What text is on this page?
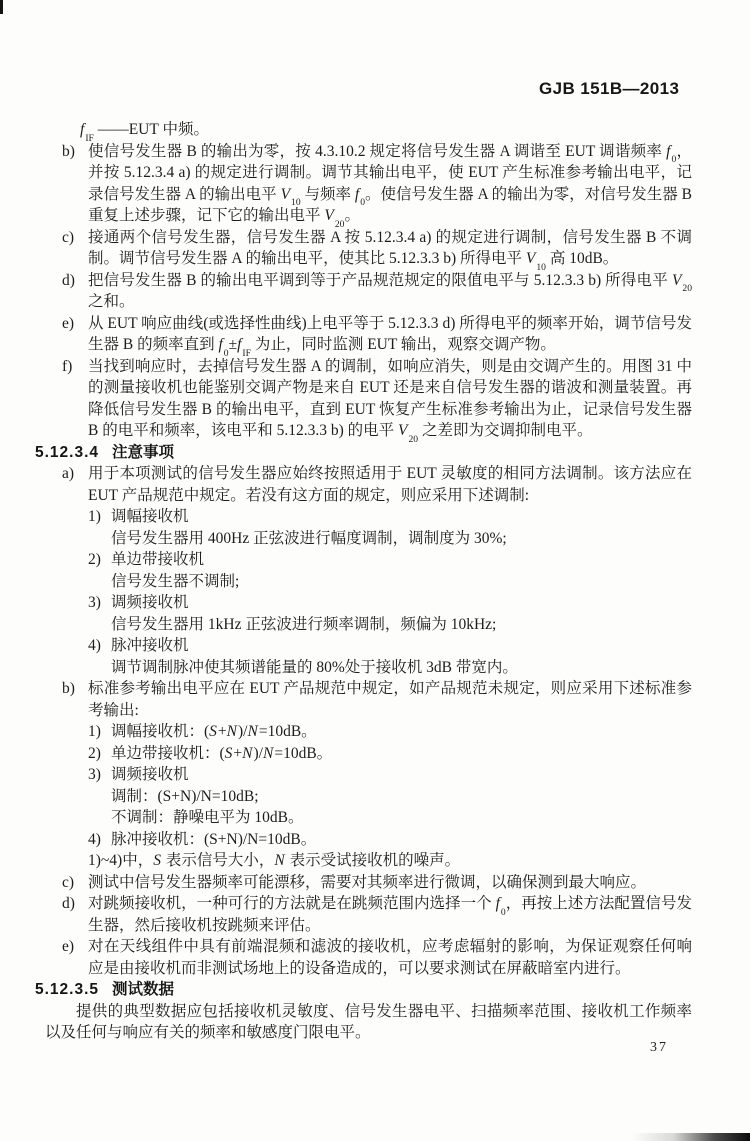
GJB 151B—2013
$f_{IF}$ ——EUT 中频。
b) 使信号发生器 B 的输出为零，按 4.3.10.2 规定将信号发生器 A 调谐至 EUT 调谐频率 $f_0$，并按 5.12.3.4 a) 的规定进行调制。调节其输出电平，使 EUT 产生标准参考输出电平，记录信号发生器 A 的输出电平 $V_{10}$ 与频率 $f_0$。使信号发生器 A 的输出为零，对信号发生器 B 重复上述步骤，记下它的输出电平 $V_{20}$。
c) 接通两个信号发生器，信号发生器 A 按 5.12.3.4 a) 的规定进行调制，信号发生器 B 不调制。调节信号发生器 A 的输出电平，使其比 5.12.3.3 b) 所得电平 $V_{10}$ 高 10dB。
d) 把信号发生器 B 的输出电平调到等于产品规范规定的限值电平与 5.12.3.3 b) 所得电平 $V_{20}$ 之和。
e) 从 EUT 响应曲线(或选择性曲线)上电平等于 5.12.3.3 d) 所得电平的频率开始，调节信号发生器 B 的频率直到 $f_0\pm f_{IF}$ 为止，同时监测 EUT 输出，观察交调产物。
f)	当找到响应时，去掉信号发生器 A 的调制，如响应消失，则是由交调产生的。用图 31 中的测量接收机也能鉴别交调产物是来自 EUT 还是来自信号发生器的谐波和测量装置。再降低信号发生器 B 的输出电平，直到 EUT 恢复产生标准参考输出为止，记录信号发生器 B 的电平和频率，该电平和 5.12.3.3 b) 的电平 $V_{20}$ 之差即为交调抑制电平。
5.12.3.4 注意事项
a) 用于本项测试的信号发生器应始终按照适用于 EUT 灵敏度的相同方法调制。该方法应在 EUT 产品规范中规定。若没有这方面的规定，则应采用下述调制:
1) 调幅接收机
信号发生器用 400Hz 正弦波进行幅度调制，调制度为 30%;
2) 单边带接收机
信号发生器不调制;
3) 调频接收机
信号发生器用 1kHz 正弦波进行频率调制，频偏为 10kHz;
4) 脉冲接收机
调节调制脉冲使其频谱能量的 80%处于接收机 3dB 带宽内。
b) 标准参考输出电平应在 EUT 产品规范中规定，如产品规范未规定，则应采用下述标准参考输出:
1) 调幅接收机：(S+N)/N=10dB。
2) 单边带接收机：(S+N)/N=10dB。
3) 调频接收机
调制：(S+N)/N=10dB;
不调制：静噪电平为 10dB。
4) 脉冲接收机：(S+N)/N=10dB。
1)~4)中，S 表示信号大小，N 表示受试接收机的噪声。
c) 测试中信号发生器频率可能漂移，需要对其频率进行微调，以确保测到最大响应。
d) 对跳频接收机，一种可行的方法就是在跳频范围内选择一个 $f_0$，再按上述方法配置信号发生器，然后接收机按跳频来评估。
e) 对在天线组件中具有前端混频和滤波的接收机，应考虑辐射的影响，为保证观察任何响应是由接收机而非测试场地上的设备造成的，可以要求测试在屏蔽暗室内进行。
5.12.3.5 测试数据
提供的典型数据应包括接收机灵敏度、信号发生器电平、扫描频率范围、接收机工作频率以及任何与响应有关的频率和敏感度门限电平。
37
